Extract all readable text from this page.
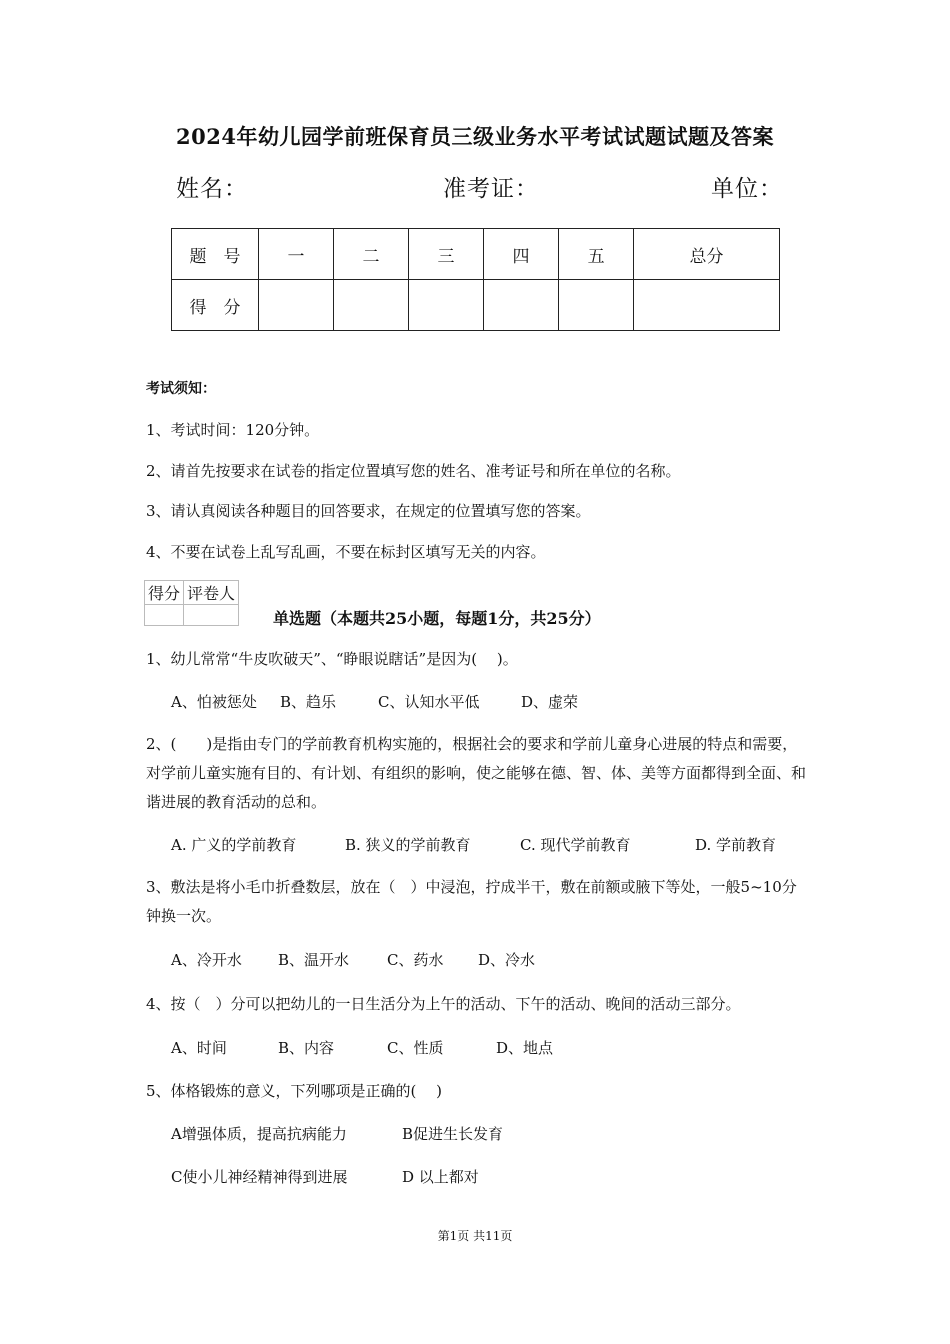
2024年幼儿园学前班保育员三级业务水平考试试题试题及答案
姓名：	准考证：	单位：
题　号	一	二	三	四	五	总分
得　分						
考试须知：
1、考试时间：120分钟。
2、请首先按要求在试卷的指定位置填写您的姓名、准考证号和所在单位的名称。
3、请认真阅读各种题目的回答要求，在规定的位置填写您的答案。
4、不要在试卷上乱写乱画，不要在标封区填写无关的内容。
得分	评卷人

单选题（本题共25小题，每题1分，共25分）
1、幼儿常常“牛皮吹破天”、“睁眼说瞎话”是因为(　 )。
A、怕被惩处 B、趋乐	C、认知水平低	D、虚荣
2、(　　)是指由专门的学前教育机构实施的，根据社会的要求和学前儿童身心进展的特点和需要，对学前儿童实施有目的、有计划、有组织的影响，使之能够在德、智、体、美等方面都得到全面、和谐进展的教育活动的总和。
A. 广义的学前教育	B. 狭义的学前教育	C. 现代学前教育	D. 学前教育
3、敷法是将小毛巾折叠数层，放在（　）中浸泡，拧成半干，敷在前额或腋下等处，一般5~10分钟换一次。
A、冷开水 B、温开水	C、药水 D、冷水
4、按（　）分可以把幼儿的一日生活分为上午的活动、下午的活动、晚间的活动三部分。
A、时间	B、内容	C、性质	D、地点
5、体格锻炼的意义，下列哪项是正确的(　 )
A增强体质，提高抗病能力	B促进生长发育
C使小儿神经精神得到进展	D 以上都对
第1页 共11页
